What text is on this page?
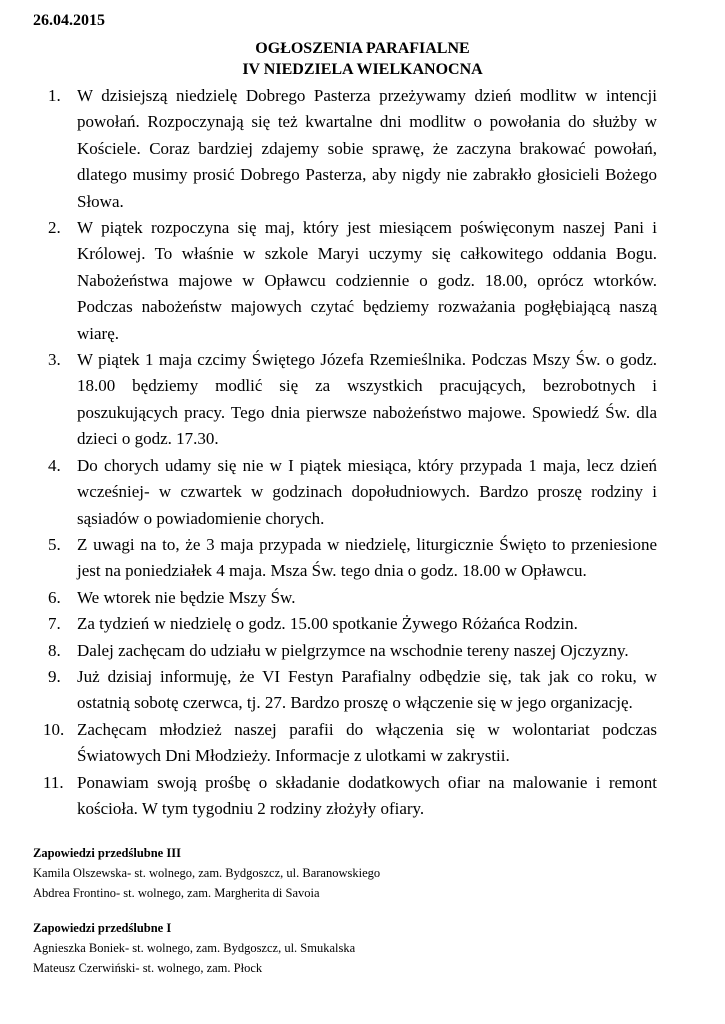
26.04.2015
OGŁOSZENIA PARAFIALNE
IV NIEDZIELA WIELKANOCNA
1. W dzisiejszą niedzielę Dobrego Pasterza przeżywamy dzień modlitw w intencji powołań. Rozpoczynają się też kwartalne dni modlitw o powołania do służby w Kościele. Coraz bardziej zdajemy sobie sprawę, że zaczyna brakować powołań, dlatego musimy prosić Dobrego Pasterza, aby nigdy nie zabrakło głosicieli Bożego Słowa.
2. W piątek rozpoczyna się maj, który jest miesiącem poświęconym naszej Pani i Królowej. To właśnie w szkole Maryi uczymy się całkowitego oddania Bogu. Nabożeństwa majowe w Opławcu codziennie o godz. 18.00, oprócz wtorków. Podczas nabożeństw majowych czytać będziemy rozważania pogłębiającą naszą wiarę.
3. W piątek 1 maja czcimy Świętego Józefa Rzemieślnika. Podczas Mszy Św. o godz. 18.00 będziemy modlić się za wszystkich pracujących, bezrobotnych i poszukujących pracy. Tego dnia pierwsze nabożeństwo majowe. Spowiedź Św. dla dzieci o godz. 17.30.
4. Do chorych udamy się nie w I piątek miesiąca, który przypada 1 maja, lecz dzień wcześniej- w czwartek w godzinach dopołudniowych. Bardzo proszę rodziny i sąsiadów o powiadomienie chorych.
5. Z uwagi na to, że 3 maja przypada w niedzielę, liturgicznie Święto to przeniesione jest na poniedziałek 4 maja. Msza Św. tego dnia o godz. 18.00 w Opławcu.
6. We wtorek nie będzie Mszy Św.
7. Za tydzień w niedzielę o godz. 15.00 spotkanie Żywego Różańca Rodzin.
8. Dalej zachęcam do udziału w pielgrzymce na wschodnie tereny naszej Ojczyzny.
9. Już dzisiaj informuję, że VI Festyn Parafialny odbędzie się, tak jak co roku, w ostatnią sobotę czerwca, tj. 27. Bardzo proszę o włączenie się w jego organizację.
10. Zachęcam młodzież naszej parafii do włączenia się w wolontariat podczas Światowych Dni Młodzieży. Informacje z ulotkami w zakrystii.
11. Ponawiam swoją prośbę o składanie dodatkowych ofiar na malowanie i remont kościoła. W tym tygodniu 2 rodziny złożyły ofiary.
Zapowiedzi przedślubne III
Kamila Olszewska- st. wolnego, zam. Bydgoszcz, ul. Baranowskiego
Abdrea Frontino- st. wolnego, zam. Margherita di Savoia
Zapowiedzi przedślubne I
Agnieszka Boniek- st. wolnego, zam. Bydgoszcz, ul. Smukalska
Mateusz Czerwiński- st. wolnego, zam. Płock
